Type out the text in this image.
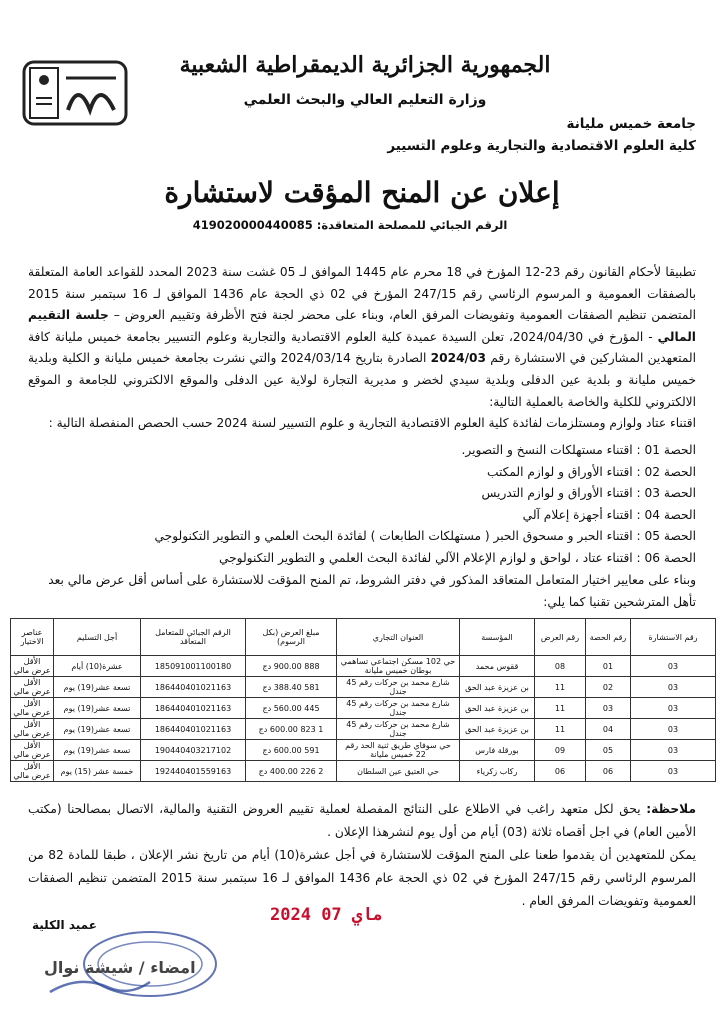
الجمهورية الجزائرية الديمقراطية الشعبية
وزارة التعليم العالي والبحث العلمي
جامعة خميس مليانة
كلية العلوم الاقتصادية والتجارية وعلوم التسيير
إعلان عن المنح المؤقت لاستشارة
الرقم الجبائي للمصلحة المتعاقدة: 419020000440085

تطبيقا لأحكام القانون رقم 23-12 المؤرخ في 18 محرم عام 1445 الموافق لـ 05 غشت سنة 2023 المحدد للقواعد العامة المتعلقة بالصفقات العمومية و المرسوم الرئاسي رقم 247/15 المؤرخ في 02 ذي الحجة عام 1436 الموافق لـ 16 سبتمبر سنة 2015 المتضمن تنظيم الصفقات العمومية وتفويضات المرفق العام، وبناء على محضر لجنة فتح الأظرفة وتقييم العروض – جلسة التقييم المالي - المؤرخ في 2024/04/30، تعلن السيدة عميدة كلية العلوم الاقتصادية والتجارية وعلوم التسيير بجامعة خميس مليانة كافة المتعهدين المشاركين في الاستشارة رقم 2024/03 الصادرة بتاريخ 2024/03/14 والتي نشرت بجامعة خميس مليانة و الكلية وبلدية خميس مليانة و بلدية عين الدفلى وبلدية سيدي لخضر و مديرية التجارة لولاية عين الدفلى والموقع الالكتروني للجامعة و الموقع الالكتروني للكلية والخاصة بالعملية التالية:

اقتناء عتاد ولوازم ومستلزمات لفائدة كلية العلوم الاقتصادية التجارية و علوم التسيير لسنة 2024 حسب الحصص المنفصلة التالية :

الحصة 01 : اقتناء مستهلكات النسخ و التصوير.
الحصة 02 : اقتناء الأوراق و لوازم المكتب
الحصة 03 : اقتناء الأوراق و لوازم التدريس
الحصة 04 : اقتناء أجهزة إعلام آلي
الحصة 05 : اقتناء الحبر و مسحوق الحبر ( مستهلكات الطابعات ) لفائدة البحث العلمي و التطوير التكنولوجي
الحصة 06 : اقتناء عتاد ، لواحق و لوازم الإعلام الآلي لفائدة البحث العلمي و التطوير التكنولوجي
وبناء على معايير اختيار المتعامل المتعاقد المذكور في دفتر الشروط، تم المنح المؤقت للاستشارة على أساس أقل عرض مالي بعد تأهل المترشحين تقنيا كما يلي:
رقم الاستشارة	رقم الحصة	رقم العرض	المؤسسة	العنوان التجاري	مبلغ العرض (بكل الرسوم)	الرقم الجبائي للمتعامل المتعاقد	أجل التسليم	عناصر الاختيار
03	01	08	ققوس محمد	حي 102 مسكن اجتماعي تساهمي بوطان خميس مليانة	888 900.00 دج	185091001100180	عشرة(10) أيام	الأقل عرض مالي
03	02	11	بن عزيزة عبد الحق	شارع محمد بن حركات رقم 45 جندل	581 388.40 دج	186440401021163	تسعة عشر(19) يوم	الأقل عرض مالي
03	03	11	بن عزيزة عبد الحق	شارع محمد بن حركات رقم 45 جندل	445 560.00 دج	186440401021163	تسعة عشر(19) يوم	الأقل عرض مالي
03	04	11	بن عزيزة عبد الحق	شارع محمد بن حركات رقم 45 جندل	1 823 600.00 دج	186440401021163	تسعة عشر(19) يوم	الأقل عرض مالي
03	05	09	بورقلة فارس	حي سوفاي طريق ثنية الحد رقم 22 خميس مليانة	591 600.00 دج	190440403217102	تسعة عشر(19) يوم	الأقل عرض مالي
03	06	06	ركاب زكرياء	حي العتيق عين السلطان	2 226 400.00 دج	192440401559163	خمسة عشر (15) يوم	الأقل عرض مالي

ملاحظة: يحق لكل متعهد راغب في الاطلاع على النتائج المفصلة لعملية تقييم العروض التقنية والمالية، الاتصال بمصالحنا (مكتب الأمين العام) في اجل أقصاه ثلاثة (03) أيام من أول يوم لنشرهذا الإعلان .

يمكن للمتعهدين أن يقدموا طعنا على المنح المؤقت للاستشارة في أجل عشرة(10) أيام من تاريخ نشر الإعلان ، طبقا للمادة 82 من المرسوم الرئاسي رقم 247/15 المؤرخ في 02 ذي الحجة عام 1436 الموافق لـ 16 سبتمبر سنة 2015 المتضمن تنظيم الصفقات العمومية وتفويضات المرفق العام .

2024 ماي 07
عميد الكلية
امضاء / شيشة نوال
